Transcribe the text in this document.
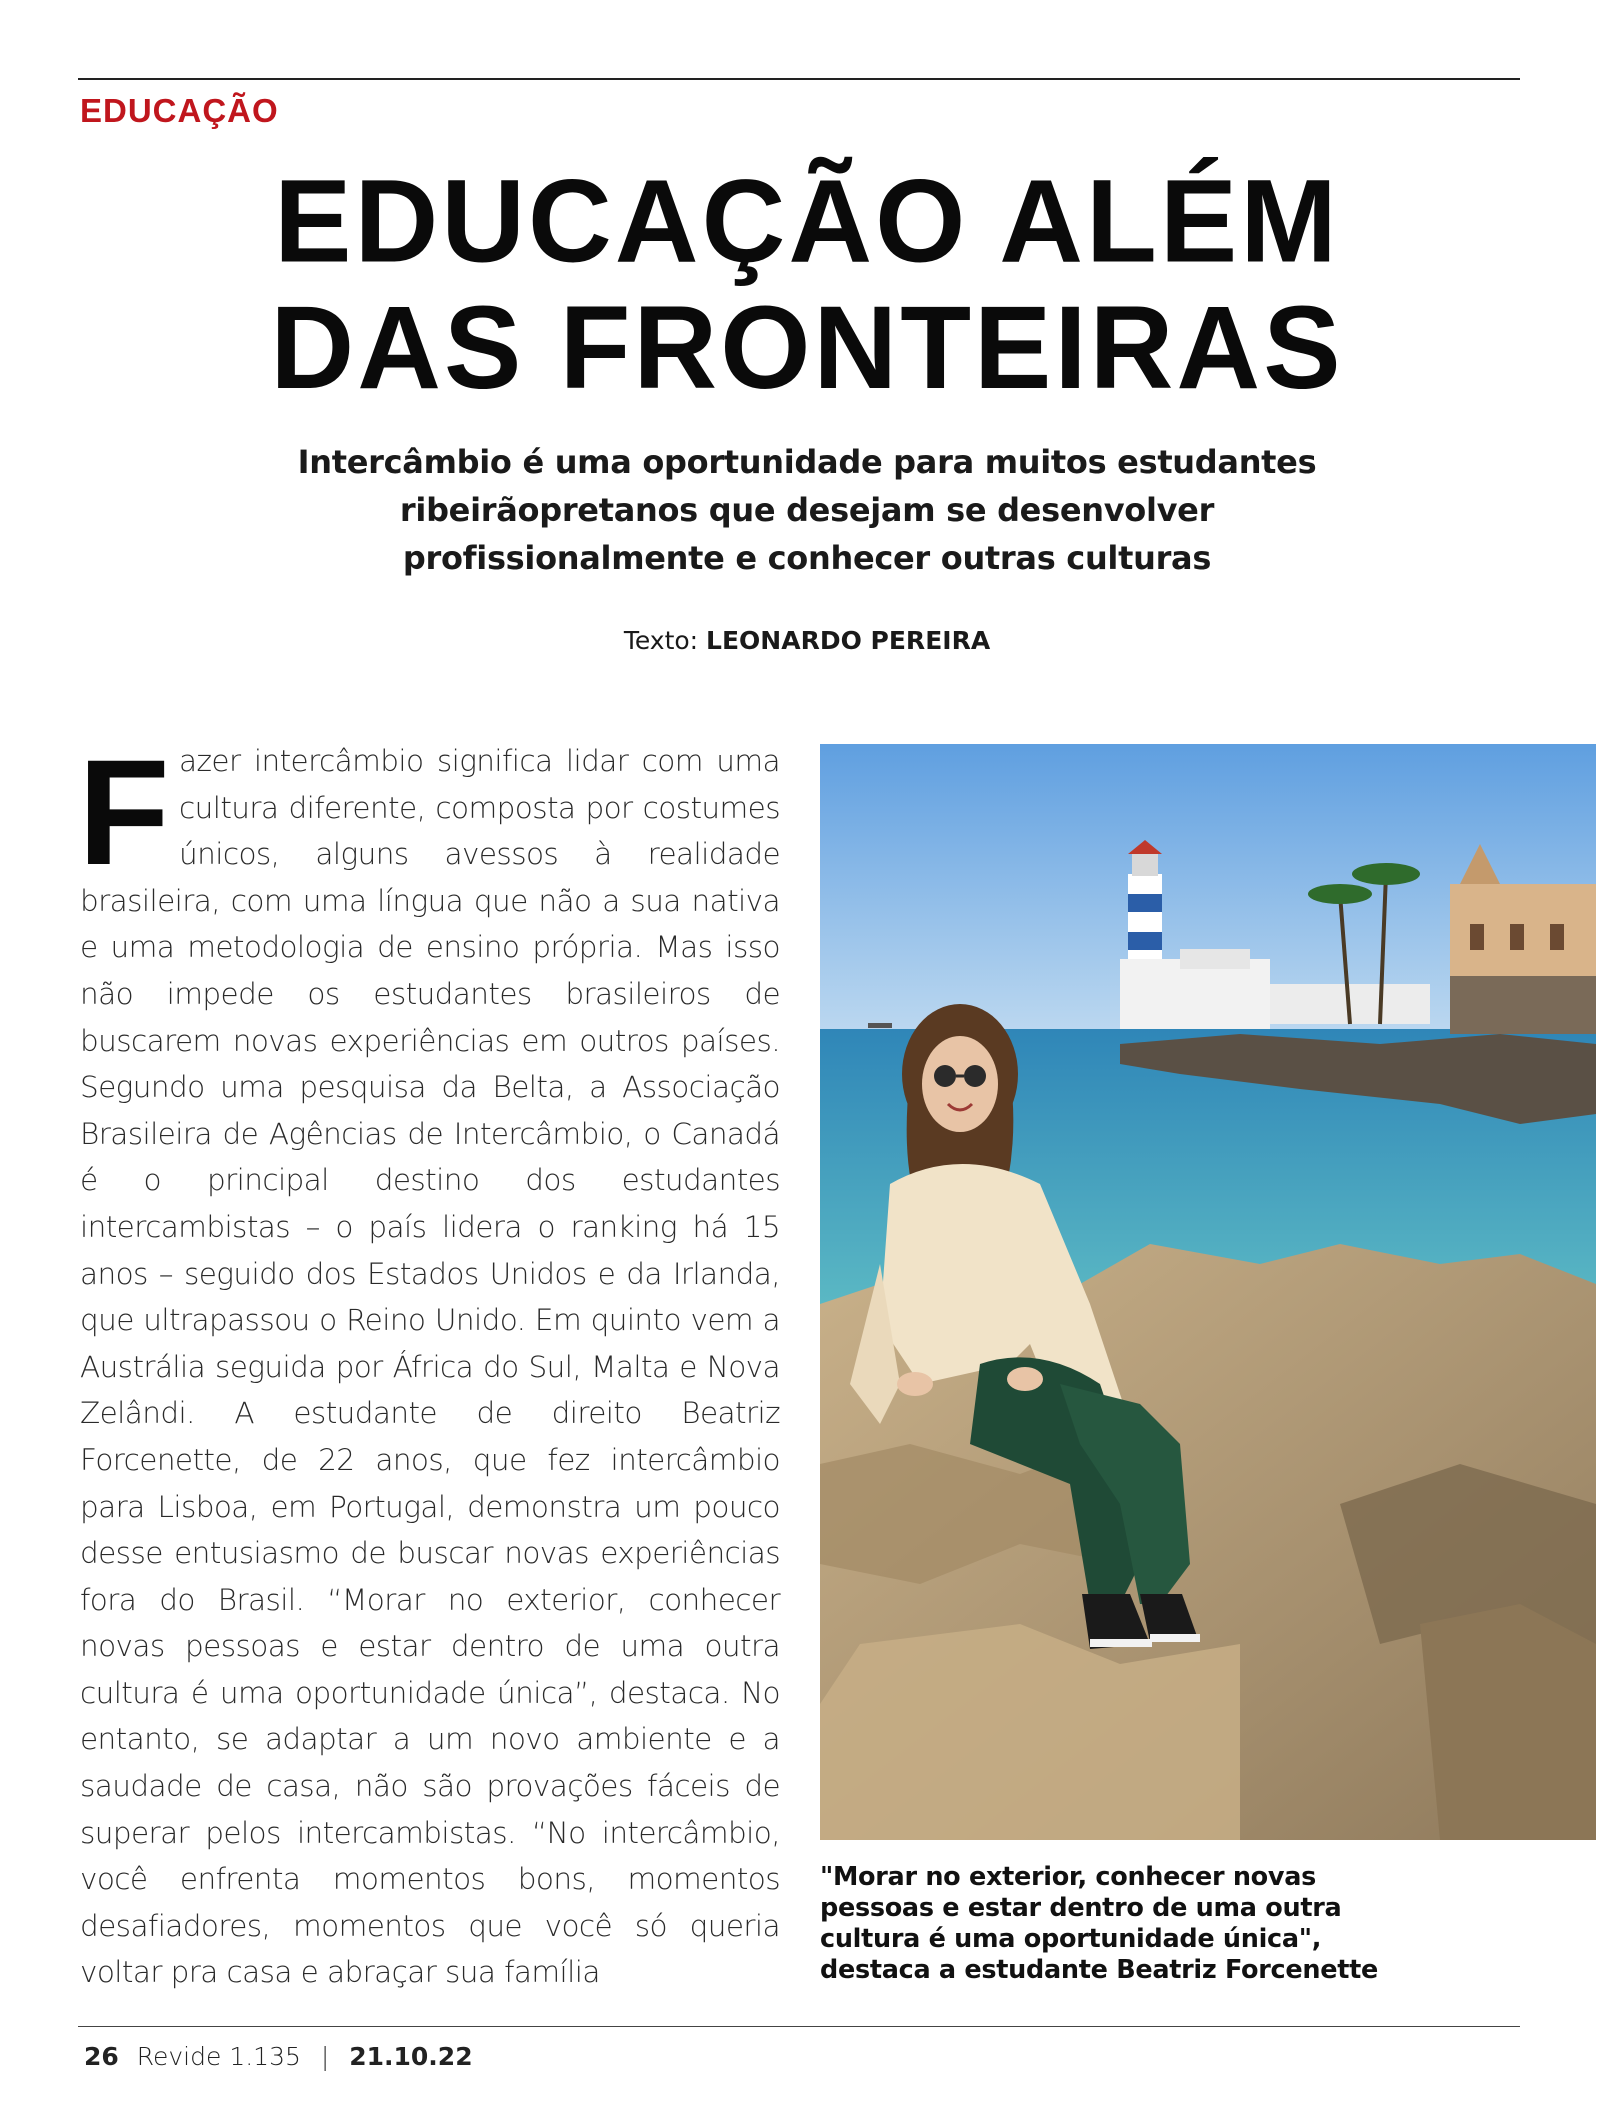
EDUCAÇÃO
EDUCAÇÃO ALÉM
DAS FRONTEIRAS

Intercâmbio é uma oportunidade para muitos estudantes ribeirãopretanos que desejam se desenvolver profissionalmente e conhecer outras culturas

Texto: LEONARDO PEREIRA

Fazer intercâmbio significa lidar com uma cultura diferente, composta por costumes únicos, alguns avessos à realidade brasileira, com uma língua que não a sua nativa e uma metodologia de ensino própria. Mas isso não impede os estudantes brasileiros de buscarem novas experiências em outros países. Segundo uma pesquisa da Belta, a Associação Brasileira de Agências de Intercâmbio, o Canadá é o principal destino dos estudantes intercambistas – o país lidera o ranking há 15 anos – seguido dos Estados Unidos e da Irlanda, que ultrapassou o Reino Unido. Em quinto vem a Austrália seguida por África do Sul, Malta e Nova Zelândi. A estudante de direito Beatriz Forcenette, de 22 anos, que fez intercâmbio para Lisboa, em Portugal, demonstra um pouco desse entusiasmo de buscar novas experiências fora do Brasil. “Morar no exterior, conhecer novas pessoas e estar dentro de uma outra cultura é uma oportunidade única”, destaca. No entanto, se adaptar a um novo ambiente e a saudade de casa, não são provações fáceis de superar pelos intercambistas. “No intercâmbio, você enfrenta momentos bons, momentos desafiadores, momentos que você só queria voltar pra casa e abraçar sua família

"Morar no exterior, conhecer novas pessoas e estar dentro de uma outra cultura é uma oportunidade única", destaca a estudante Beatriz Forcenette

26 Revide 1.135 | 21.10.22
